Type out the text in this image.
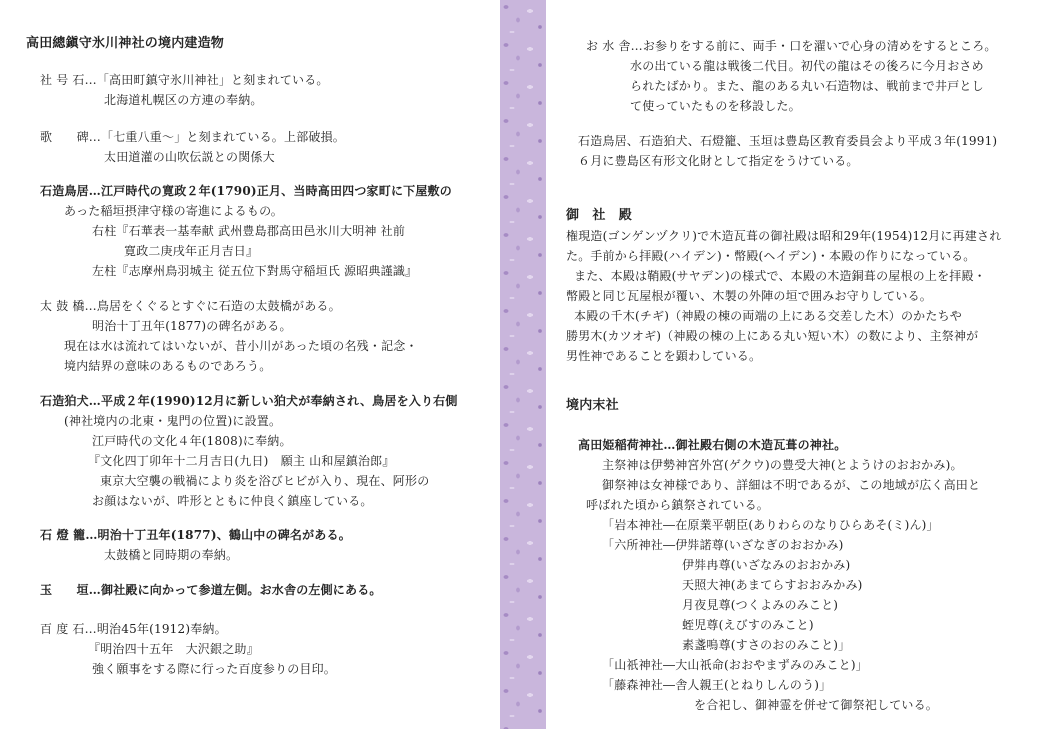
高田總鎭守氷川神社の境内建造物
社 号 石…「高田町鎮守氷川神社」と刻まれている。
北海道札幌区の方連の奉納。
歌　　碑…「七重八重～」と刻まれている。上部破損。
太田道灌の山吹伝説との関係大
石造鳥居…江戸時代の寛政２年(1790)正月、当時高田四つ家町に下屋敷の
あった稲垣摂津守様の寄進によるもの。
右柱『石華表一基奉献 武州豊島郡高田邑氷川大明神 社前
寛政二庚戌年正月吉日』
左柱『志摩州鳥羽城主 従五位下對馬守稲垣氏 源昭典謹識』
太 鼓 橋…鳥居をくぐるとすぐに石造の太鼓橋がある。
明治十丁丑年(1877)の碑名がある。
現在は水は流れてはいないが、昔小川があった頃の名残・記念・
境内結界の意味のあるものであろう。
石造狛犬…平成２年(1990)12月に新しい狛犬が奉納され、鳥居を入り右側
(神社境内の北東・鬼門の位置)に設置。
江戸時代の文化４年(1808)に奉納。
『文化四丁卯年十二月吉日(九日)　願主 山和屋鎮治郎』
東京大空襲の戦禍により炎を浴びヒビが入り、現在、阿形の
お顔はないが、吽形とともに仲良く鎮座している。
石 燈 籠…明治十丁丑年(1877)、鶴山中の碑名がある。
太鼓橋と同時期の奉納。
玉　　垣…御社殿に向かって参道左側。お水舎の左側にある。
百 度 石…明治45年(1912)奉納。
『明治四十五年　大沢銀之助』
強く願事をする際に行った百度参りの目印。
お 水 舎…お参りをする前に、両手・口を濯いで心身の清めをするところ。
水の出ている龍は戦後二代目。初代の龍はその後ろに今月おさめ
られたばかり。また、龍のある丸い石造物は、戦前まで井戸とし
て使っていたものを移設した。
石造鳥居、石造狛犬、石燈籠、玉垣は豊島区教育委員会より平成３年(1991)
６月に豊島区有形文化財として指定をうけている。
御　社　殿
権現造(ゴンゲンヅクリ)で木造瓦葺の御社殿は昭和29年(1954)12月に再建され
た。手前から拝殿(ハイデン)・幣殿(ヘイデン)・本殿の作りになっている。
また、本殿は鞘殿(サヤデン)の様式で、本殿の木造銅葺の屋根の上を拝殿・
幣殿と同じ瓦屋根が覆い、木製の外陣の垣で囲みお守りしている。
本殿の千木(チギ)（神殿の棟の両端の上にある交差した木）のかたちや
勝男木(カツオギ)（神殿の棟の上にある丸い短い木）の数により、主祭神が
男性神であることを顕わしている。
境内末社
高田姫稲荷神社…御社殿右側の木造瓦葺の神社。
主祭神は伊勢神宮外宮(ゲクウ)の豊受大神(とようけのおおかみ)。
御祭神は女神様であり、詳細は不明であるが、この地域が広く高田と
呼ばれた頃から鎮祭されている。
「岩本神社―在原業平朝臣(ありわらのなりひらあそ(ミ)ん)」
「六所神社―伊弉諾尊(いざなぎのおおかみ)
伊弉冉尊(いざなみのおおかみ)
天照大神(あまてらすおおみかみ)
月夜見尊(つくよみのみこと)
蛭児尊(えびすのみこと)
素盞嗚尊(すさのおのみこと)」
「山祇神社―大山祇命(おおやまずみのみこと)」
「藤森神社―舎人親王(とねりしんのう)」
を合祀し、御神霊を併せて御祭祀している。
